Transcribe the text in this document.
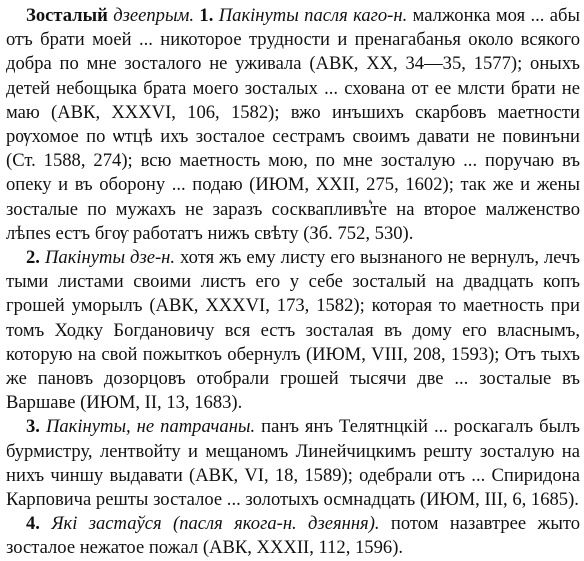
Зосталый дзеепрым. 1. Пакінуты пасля каго-н. малжонка моя ... абы отъ брати моей ... никоторое трудности и пренагабанья около всякого добра по мне зосталого не уживала (АВК, XX, 34—35, 1577); оныхъ детей небощыка брата моего зосталых ... схована от ее млсти брати не маю (АВК, XXXVI, 106, 1582); вжо инъшихъ скарбовъ маетности рѹхомое по ѡтцѣ ихъ зосталое сестрамъ своимъ давати не повинъни (Ст. 1588, 274); всю маетность мою, по мне зосталую ... поручаю въ опеку и въ оборону ... подаю (ИЮМ, XXII, 275, 1602); так же и жены зосталые по мужахъ не заразъ сосквапливъ͛те на второе малженство лѣпеѕ естъ бгѹ работатъ нижъ свѣту (Зб. 752, 530).

2. Пакінуты дзе-н. хотя жъ ему листу его вызнаного не вернулъ, лечъ тыми листами своими листъ его у себе зосталый на двадцать копъ грошей уморылъ (АВК, XXXVI, 173, 1582); которая то маетность при томъ Ходку Богдановичу вся естъ зосталая въ дому его власнымъ, которую на свой пожыткоъ обернулъ (ИЮМ, VIII, 208, 1593); Отъ тыхъ же пановъ дозорцовъ отобрали грошей тысячи две ... зосталые въ Варшаве (ИЮМ, II, 13, 1683).

3. Пакінуты, не патрачаны. панъ янъ Телятнцкій ... роскагалъ былъ бурмистру, лентвойту и мещаномъ Линейчицкимъ решту зосталую на нихъ чиншу выдавати (АВК, VI, 18, 1589); одебрали отъ ... Спиридона Карповича решты зосталое ... золотыхъ осмнадцать (ИЮМ, III, 6, 1685).

4. Які застаўся (пасля якога-н. дзеяння). потом назавтрее жыто зосталое нежатое пожал (АВК, XXXII, 112, 1596).
